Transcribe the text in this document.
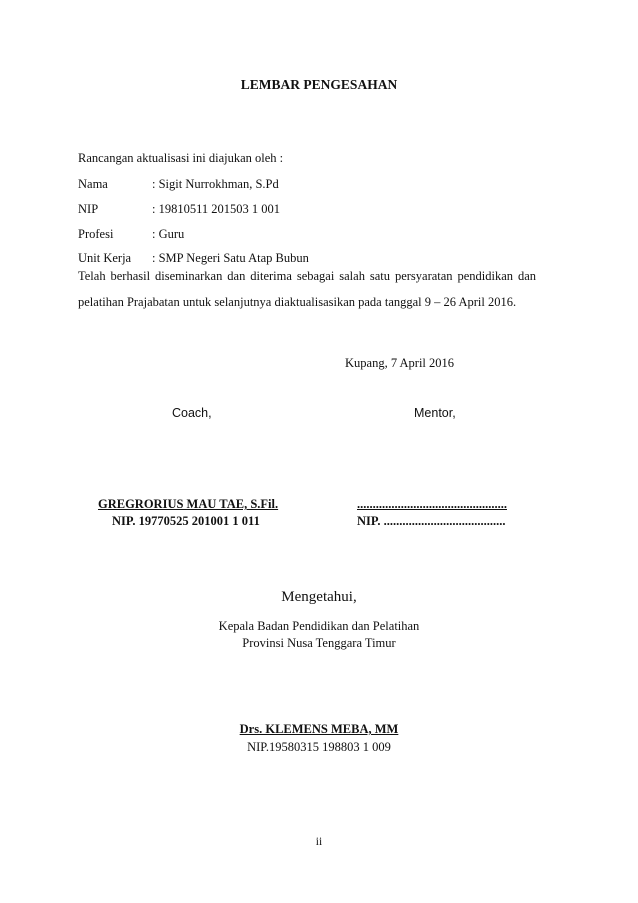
LEMBAR PENGESAHAN
Rancangan aktualisasi ini diajukan oleh :
Nama	: Sigit Nurrokhman, S.Pd
NIP	: 19810511 201503 1 001
Profesi	: Guru
Unit Kerja : SMP Negeri Satu Atap Bubun
Telah berhasil diseminarkan dan diterima sebagai salah satu persyaratan pendidikan dan pelatihan Prajabatan untuk selanjutnya diaktualisasikan pada tanggal 9 – 26 April 2016.
Kupang, 7 April 2016
Coach,	Mentor,
GREGRORIUS MAU TAE, S.Fil.
NIP. 19770525 201001 1 011
................................................
NIP. .......................................
Mengetahui,
Kepala Badan Pendidikan dan Pelatihan
Provinsi Nusa Tenggara Timur
Drs. KLEMENS MEBA, MM
NIP.19580315 198803 1 009
ii
